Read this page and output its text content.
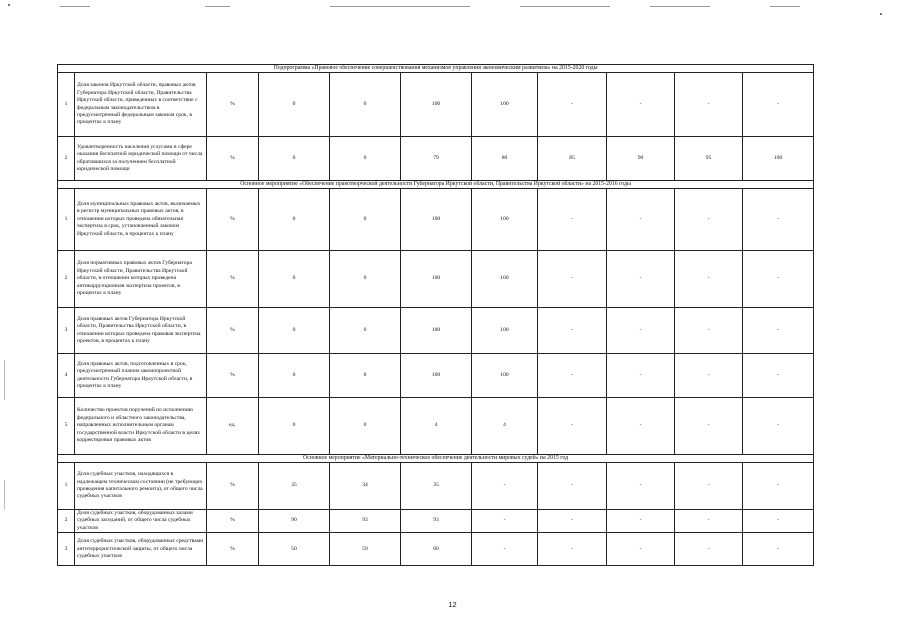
Подпрограмма «Правовое обеспечение совершенствования механизмов управления экономическим развитием» на 2015-2020 годы										
1	Доля законов Иркутской области, правовых актов Губернатора Иркутской области, Правительства Иркутской области, приведенных в соответствие с федеральным законодательством в предусмотренный федеральным законом срок, в процентах к плану	%	0	0	100	100	-	-	-	-
2	Удовлетворенность населения услугами в сфере оказания бесплатной юридической помощи от числа обратившихся за получением бесплатной юридической помощи	%	0	0	79	80	85	90	95	100
Основное мероприятие «Обеспечение правотворческой деятельности Губернатора Иркутской области, Правительства Иркутской области» на 2015-2016 годы										
1	Доля муниципальных правовых актов, включаемых в регистр муниципальных правовых актов, в отношении которых проведена обязательная экспертиза в срок, установленный законом Иркутской области, в процентах к плану	%	0	0	100	100	-	-	-	-
2	Доля нормативных правовых актов Губернатора Иркутской области, Правительства Иркутской области, в отношении которых проведена антикоррупционная экспертиза проектов, в процентах к плану	%	0	0	100	100	-	-	-	-
3	Доля правовых актов Губернатора Иркутской области, Правительства Иркутской области, в отношении которых проведена правовая экспертиза проектов, в процентах к плану	%	0	0	100	100	-	-	-	-
4	Доля правовых актов, подготовленных в срок, предусмотренный планом законопроектной деятельности Губернатора Иркутской области, в процентах к плану	%	0	0	100	100	-	-	-	-
5	Количество проектов поручений по исполнению федерального и областного законодательства, направленных исполнительным органам государственной власти Иркутской области в целях корректировки правовых актов	ед.	0	0	4	4	-	-	-	-
Основное мероприятие «Материально-техническое обеспечение деятельности мировых судей» на 2015 год										
1	Доля судебных участков, находящихся в надлежащем техническом состоянии (не требующих проведения капитального ремонта), от общего числа судебных участков	%	35	34	35	-	-	-	-	-
2	Доля судебных участков, оборудованных залами судебных заседаний, от общего числа судебных участков	%	90	93	93	-	-	-	-	-
3	Доля судебных участков, оборудованных средствами антитеррористической защиты, от общего числа судебных участков	%	50	59	60	-	-	-	-	-
12
